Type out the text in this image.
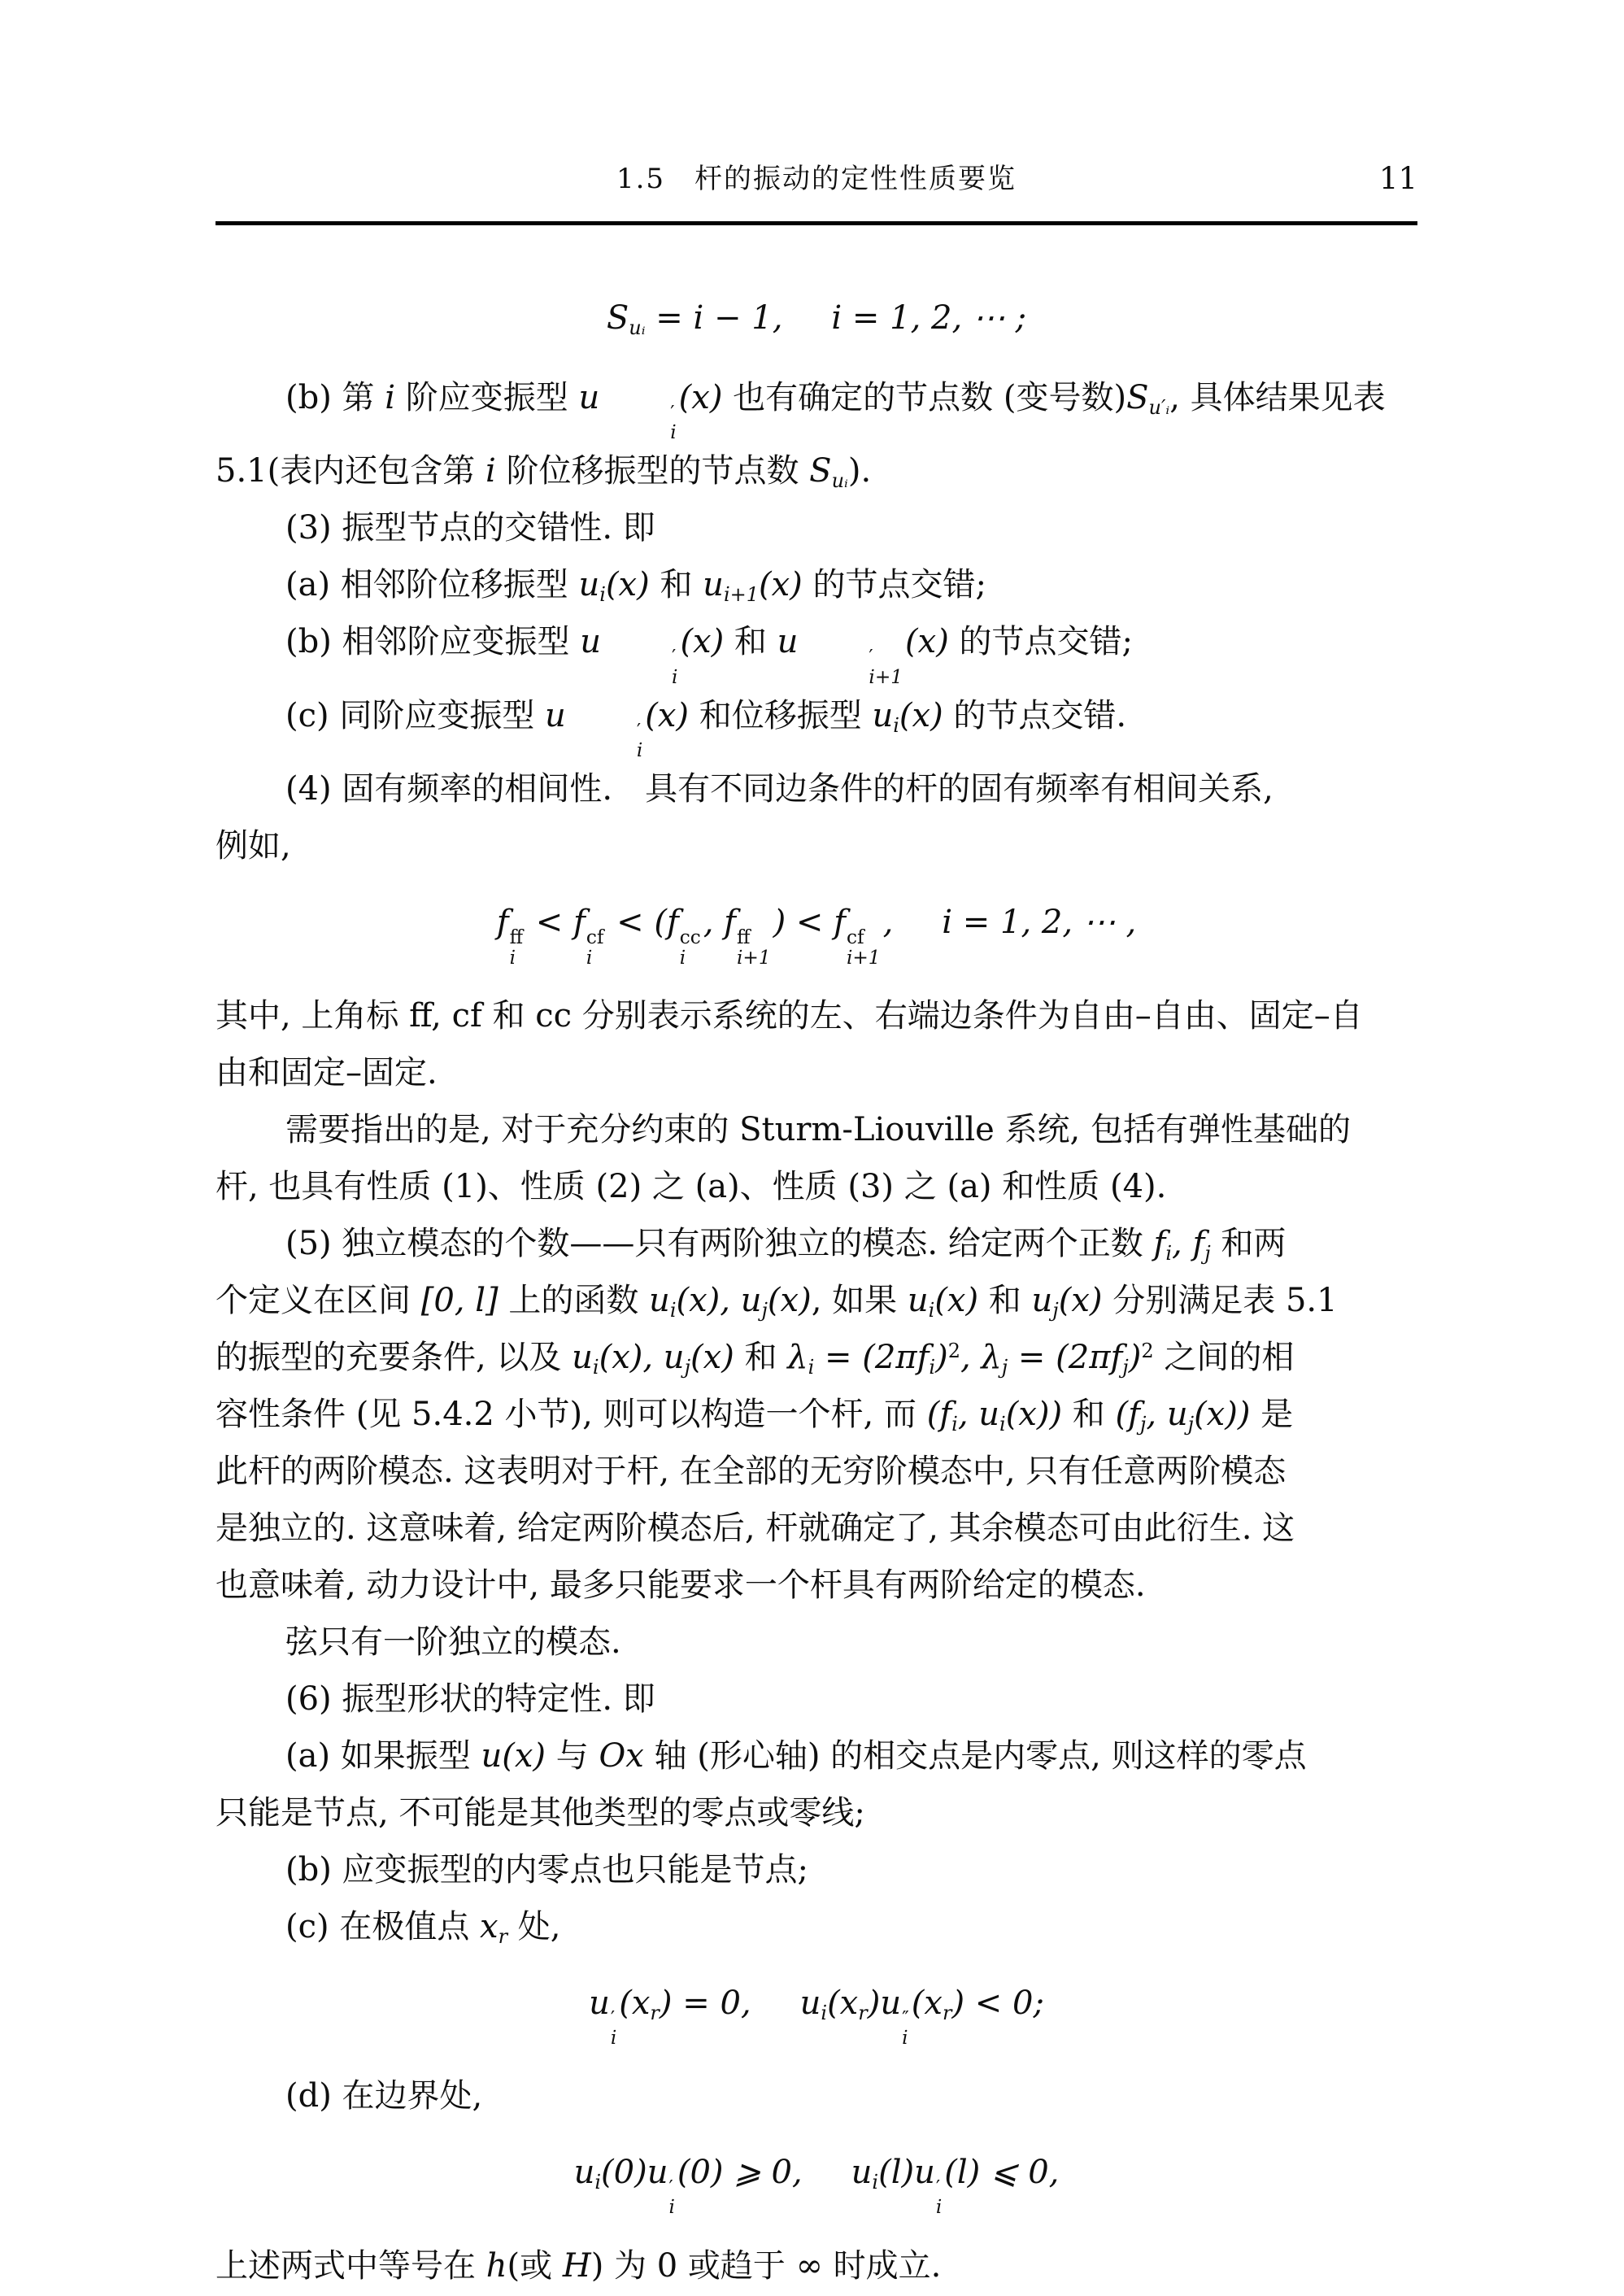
1.5 杆的振动的定性性质要览	11
$S_{uᵢ} = i - 1$,  i = 1, 2, ⋯ ;
(b) 第 i 阶应变振型 u	′
i
(x) 也有确定的节点数 (变号数)$S_{u'ᵢ}$, 具体结果见表
5.1(表内还包含第 i 阶位移振型的节点数 $S_{uᵢ}$).
(3) 振型节点的交错性. 即
(a) 相邻阶位移振型 $u_i(x)$ 和 $u_{i+1}(x)$ 的节点交错;
(b) 相邻阶应变振型 u	′
i
(x) 和 u	′
i+1
(x) 的节点交错;
(c) 同阶应变振型 u	′
i
(x) 和位移振型 $u_i(x)$ 的节点交错.
(4) 固有频率的相间性. 具有不同边条件的杆的固有频率有相间关系,
例如,
f ff
i
< f cf
i
< (f cc
i
, f ff
i+1
) < f cf
i+1
,  i = 1, 2, ⋯ ,
其中, 上角标 ff, cf 和 cc 分别表示系统的左、右端边条件为自由–自由、固定–自
由和固定–固定.
需要指出的是, 对于充分约束的 Sturm-Liouville 系统, 包括有弹性基础的
杆, 也具有性质 (1)、性质 (2) 之 (a)、性质 (3) 之 (a) 和性质 (4).
(5) 独立模态的个数——只有两阶独立的模态. 给定两个正数 $f_i$, $f_j$ 和两
个定义在区间 [0, l] 上的函数 $u_i(x)$, $u_j(x)$, 如果 $u_i(x)$ 和 $u_j(x)$ 分别满足表 5.1
的振型的充要条件, 以及 $u_i(x)$, $u_j(x)$ 和 $\lambda_i = (2\pi f_i)^2$, $\lambda_j = (2\pi f_j)^2$ 之间的相
容性条件 (见 5.4.2 小节), 则可以构造一个杆, 而 ($f_i$, $u_i(x)$) 和 ($f_j$, $u_j(x)$) 是
此杆的两阶模态. 这表明对于杆, 在全部的无穷阶模态中, 只有任意两阶模态
是独立的. 这意味着, 给定两阶模态后, 杆就确定了, 其余模态可由此衍生. 这
也意味着, 动力设计中, 最多只能要求一个杆具有两阶给定的模态.
弦只有一阶独立的模态.
(6) 振型形状的特定性. 即
(a) 如果振型 u(x) 与 Ox 轴 (形心轴) 的相交点是内零点, 则这样的零点
只能是节点, 不可能是其他类型的零点或零线;
(b) 应变振型的内零点也只能是节点;
(c) 在极值点 $x_r$ 处,
u ′
i
$(x_r) = 0$,  $u_i(x_r)u$ ″
i
$(x_r) < 0$;
(d) 在边界处,
$u_i(0)u$ ′
i
(0) ⩾ 0,  $u_i(l)u$ ′
i
(l) ⩽ 0,
上述两式中等号在 h(或 H) 为 0 或趋于 ∞ 时成立.
